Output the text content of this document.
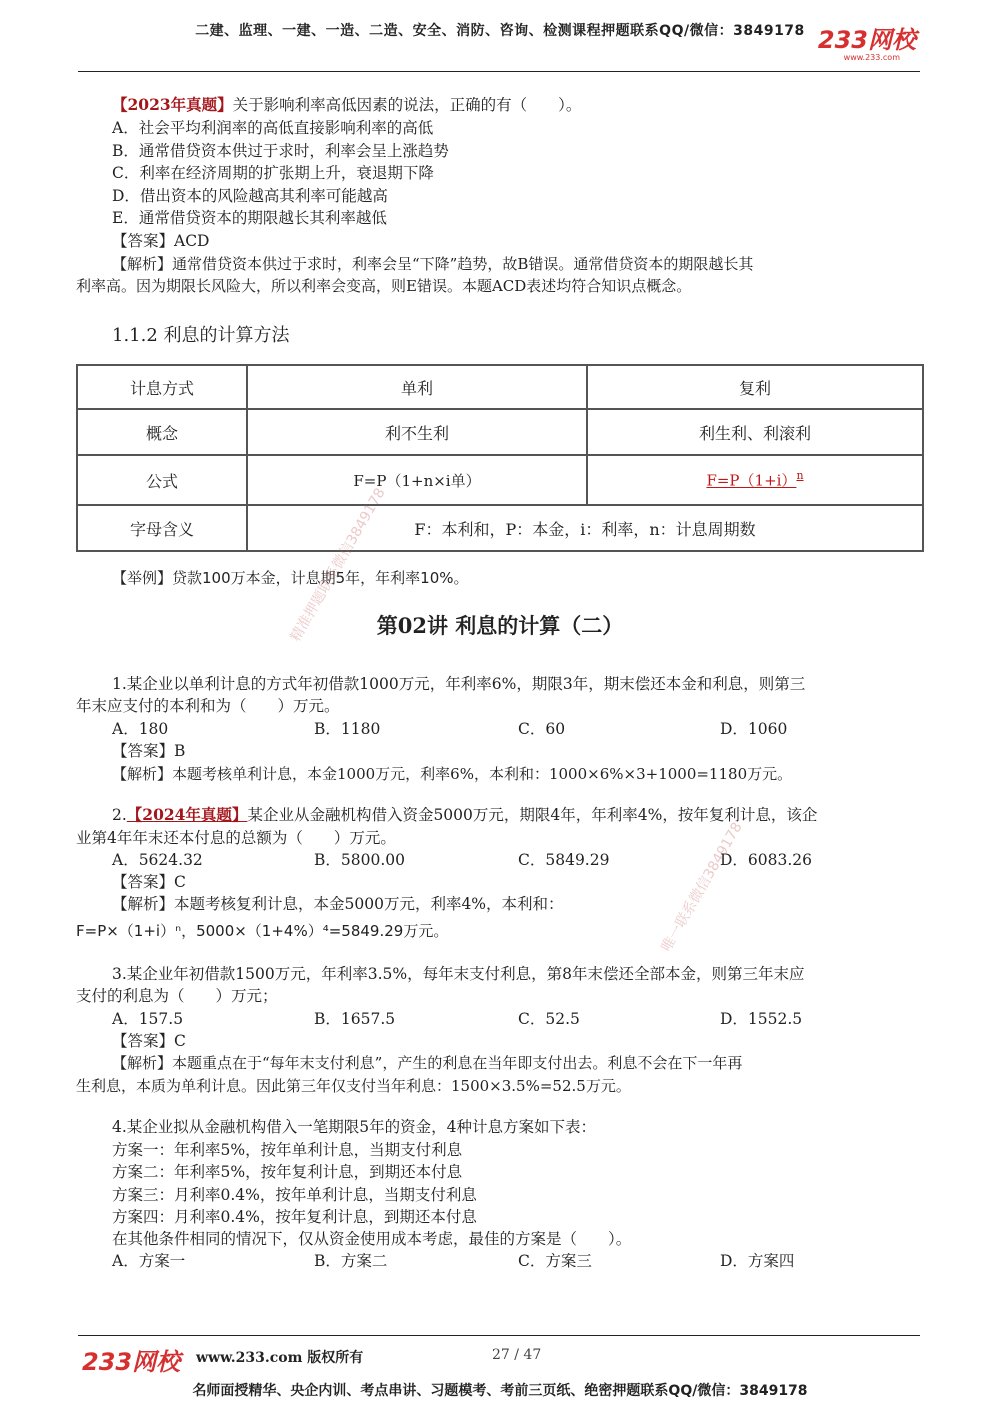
二建、监理、一建、一造、二造、安全、消防、咨询、检测课程押题联系QQ/微信：3849178 233网校
www.233.com
【2023年真题】关于影响利率高低因素的说法，正确的有（　　）。
A．社会平均利润率的高低直接影响利率的高低
B．通常借贷资本供过于求时，利率会呈上涨趋势
C．利率在经济周期的扩张期上升，衰退期下降
D．借出资本的风险越高其利率可能越高
E．通常借贷资本的期限越长其利率越低
【答案】ACD
【解析】通常借贷资本供过于求时，利率会呈“下降”趋势，故B错误。通常借贷资本的期限越长其
利率高。因为期限长风险大，所以利率会变高，则E错误。本题ACD表述均符合知识点概念。
1.1.2 利息的计算方法
计息方式	单利	复利
概念	利不生利	利生利、利滚利
公式	F=P（1+n×i单）	$F=P(1+i)^n$
字母含义	F：本利和，P：本金，i：利率，n：计息周期数	
【举例】贷款100万本金，计息期5年，年利率10%。
第02讲 利息的计算（二）
1.某企业以单利计息的方式年初借款1000万元，年利率6%，期限3年，期末偿还本金和利息，则第三
年末应支付的本利和为（　　）万元。
A．180	B．1180	C．60	D．1060
【答案】B
【解析】本题考核单利计息，本金1000万元，利率6%，本利和：1000×6%×3+1000=1180万元。
2.【2024年真题】某企业从金融机构借入资金5000万元，期限4年，年利率4%，按年复利计息，该企
业第4年年末还本付息的总额为（　　）万元。
A．5624.32	B．5800.00	C．5849.29	D．6083.26
【答案】C
【解析】本题考核复利计息，本金5000万元，利率4%，本利和：
F=P×（1+i）ⁿ，5000×（1+4%）⁴=5849.29万元。
3.某企业年初借款1500万元，年利率3.5%，每年末支付利息，第8年末偿还全部本金，则第三年末应
支付的利息为（　　）万元；
A．157.5	B．1657.5	C．52.5	D．1552.5
【答案】C
【解析】本题重点在于“每年末支付利息”，产生的利息在当年即支付出去。利息不会在下一年再
生利息，本质为单利计息。因此第三年仅支付当年利息：1500×3.5%=52.5万元。
4.某企业拟从金融机构借入一笔期限5年的资金，4种计息方案如下表：
方案一：年利率5%，按年单利计息，当期支付利息
方案二：年利率5%，按年复利计息，到期还本付息
方案三：月利率0.4%，按年单利计息，当期支付利息
方案四：月利率0.4%，按年复利计息，到期还本付息
在其他条件相同的情况下，仅从资金使用成本考虑，最佳的方案是（　　）。
A．方案一	B．方案二	C．方案三	D．方案四
精准押题联系微信3849178
唯一联系微信3849178
233网校 www.233.com 版权所有	27 / 47
名师面授精华、央企内训、考点串讲、习题模考、考前三页纸、绝密押题联系QQ/微信：3849178
